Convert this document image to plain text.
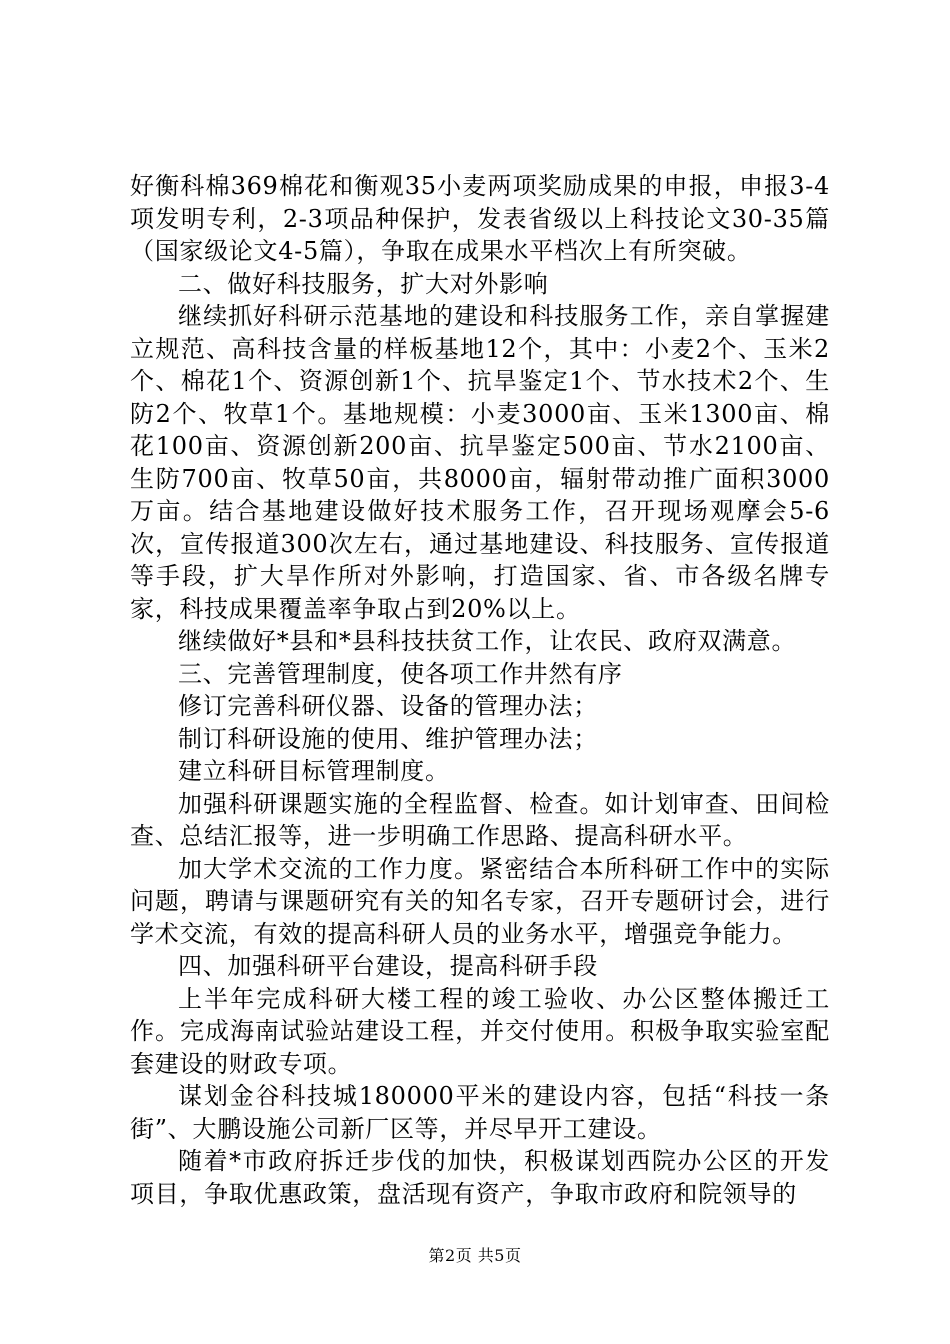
好衡科棉369棉花和衡观35小麦两项奖励成果的申报，申报3-4项发明专利，2-3项品种保护，发表省级以上科技论文30-35篇（国家级论文4-5篇），争取在成果水平档次上有所突破。

二、做好科技服务，扩大对外影响

继续抓好科研示范基地的建设和科技服务工作，亲自掌握建立规范、高科技含量的样板基地12个，其中：小麦2个、玉米2个、棉花1个、资源创新1个、抗旱鉴定1个、节水技术2个、生防2个、牧草1个。基地规模：小麦3000亩、玉米1300亩、棉花100亩、资源创新200亩、抗旱鉴定500亩、节水2100亩、生防700亩、牧草50亩，共8000亩，辐射带动推广面积3000万亩。结合基地建设做好技术服务工作，召开现场观摩会5-6次，宣传报道300次左右，通过基地建设、科技服务、宣传报道等手段，扩大旱作所对外影响，打造国家、省、市各级名牌专家，科技成果覆盖率争取占到20%以上。

继续做好*县和*县科技扶贫工作，让农民、政府双满意。

三、完善管理制度，使各项工作井然有序

修订完善科研仪器、设备的管理办法；

制订科研设施的使用、维护管理办法；

建立科研目标管理制度。

加强科研课题实施的全程监督、检查。如计划审查、田间检查、总结汇报等，进一步明确工作思路、提高科研水平。

加大学术交流的工作力度。紧密结合本所科研工作中的实际问题，聘请与课题研究有关的知名专家，召开专题研讨会，进行学术交流，有效的提高科研人员的业务水平，增强竞争能力。

四、加强科研平台建设，提高科研手段

上半年完成科研大楼工程的竣工验收、办公区整体搬迁工作。完成海南试验站建设工程，并交付使用。积极争取实验室配套建设的财政专项。

谋划金谷科技城180000平米的建设内容，包括“科技一条街”、大鹏设施公司新厂区等，并尽早开工建设。

随着*市政府拆迁步伐的加快，积极谋划西院办公区的开发项目，争取优惠政策，盘活现有资产，争取市政府和院领导的

第2页 共5页
